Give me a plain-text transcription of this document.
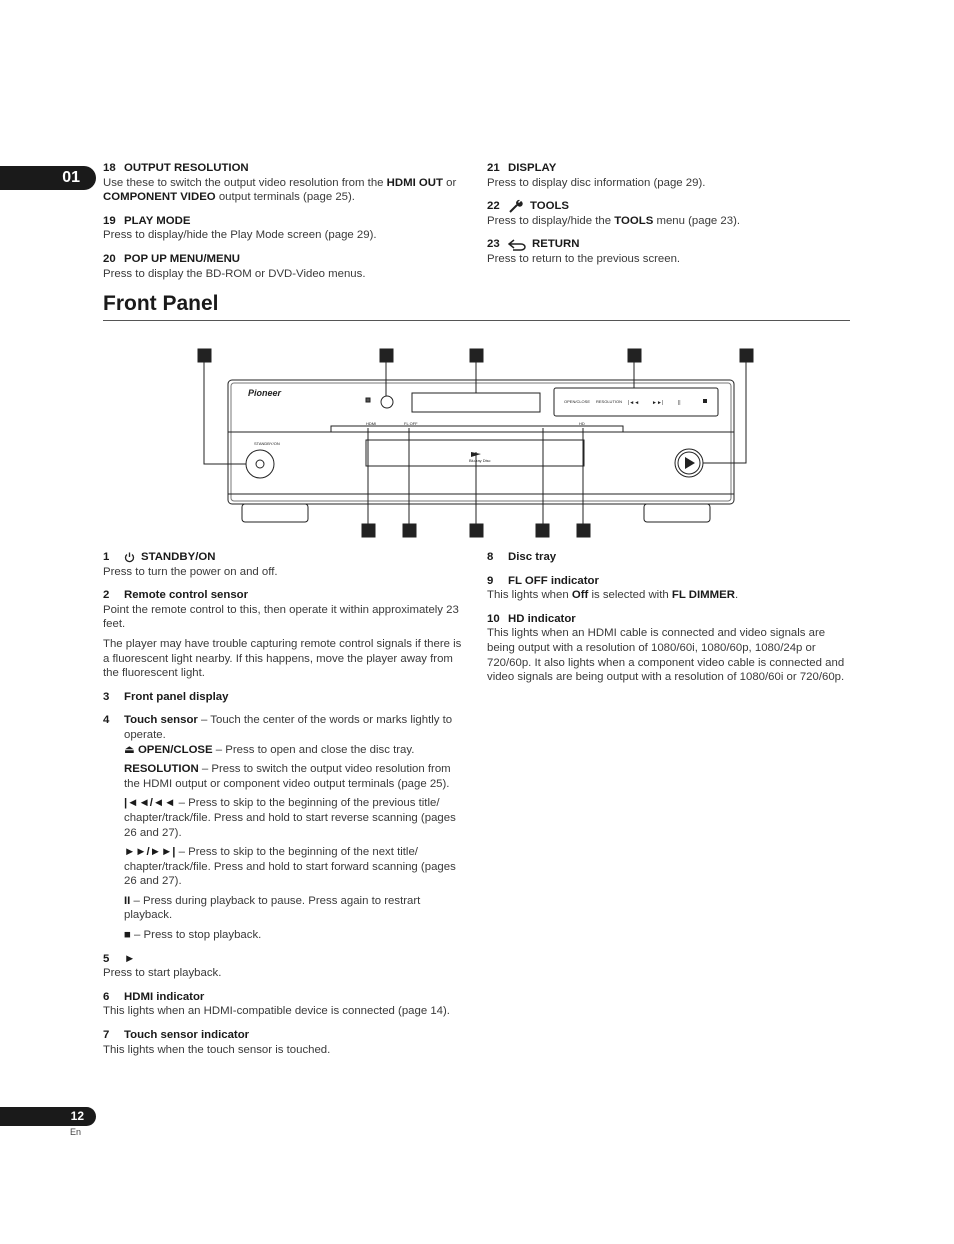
01
18 OUTPUT RESOLUTION
Use these to switch the output video resolution from the HDMI OUT or COMPONENT VIDEO output terminals (page 25).
19 PLAY MODE
Press to display/hide the Play Mode screen (page 29).
20 POP UP MENU/MENU
Press to display the BD-ROM or DVD-Video menus.
21 DISPLAY
Press to display disc information (page 29).
22	TOOLS
Press to display/hide the TOOLS menu (page 23).
23	RETURN
Press to return to the previous screen.
Front Panel
Pioneer
STANDBY/ON
OPEN/CLOSE RESOLUTION
HDMI	FL OFF	HD
Blu-ray Disc
|◄◄	►►|	||
1	STANDBY/ON
Press to turn the power on and off.
2	Remote control sensor

Point the remote control to this, then operate it within approximately 23 feet.

The player may have trouble capturing remote control signals if there is a fluorescent light nearby. If this happens, move the player away from the fluorescent light.

3	Front panel display
4	Touch sensor – Touch the center of the words or marks lightly to operate.

⏏ OPEN/CLOSE – Press to open and close the disc tray.

RESOLUTION – Press to switch the output video resolution from the HDMI output or component video output terminals (page 25).

|◄◄/◄◄ – Press to skip to the beginning of the previous title/ chapter/track/file. Press and hold to start reverse scanning (pages 26 and 27).

►►/►►| – Press to skip to the beginning of the next title/ chapter/track/file. Press and hold to start forward scanning (pages 26 and 27).

II – Press during playback to pause. Press again to restrart playback.

■ – Press to stop playback.

5	►
Press to start playback.
6	HDMI indicator
This lights when an HDMI-compatible device is connected (page 14).
7	Touch sensor indicator
This lights when the touch sensor is touched.
8	Disc tray
9	FL OFF indicator
This lights when Off is selected with FL DIMMER.
10 HD indicator
This lights when an HDMI cable is connected and video signals are being output with a resolution of 1080/60i, 1080/60p, 1080/24p or 720/60p. It also lights when a component video cable is connected and video signals are being output with a resolution of 1080/60i or 720/60p.
12
En
